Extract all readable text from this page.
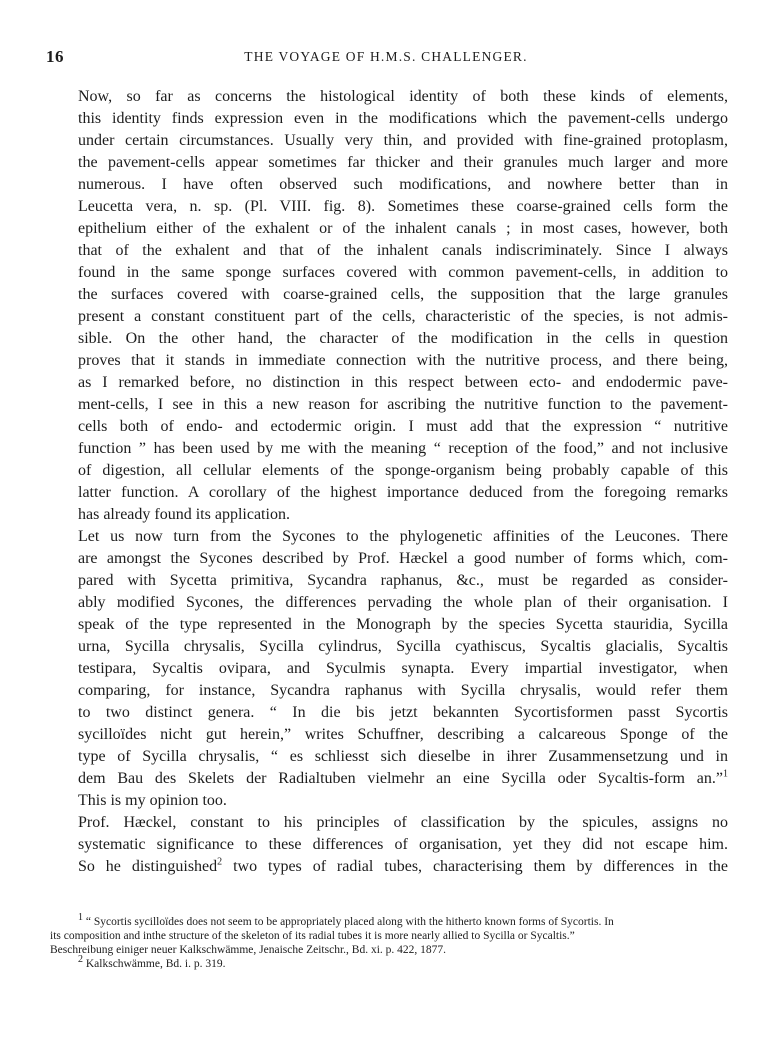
16	THE VOYAGE OF H.M.S. CHALLENGER.

Now, so far as concerns the histological identity of both these kinds of elements,
this identity finds expression even in the modifications which the pavement-cells undergo
under certain circumstances. Usually very thin, and provided with fine-grained protoplasm,
the pavement-cells appear sometimes far thicker and their granules much larger and more
numerous. I have often observed such modifications, and nowhere better than in
Leucetta vera, n. sp. (Pl. VIII. fig. 8). Sometimes these coarse-grained cells form the
epithelium either of the exhalent or of the inhalent canals ; in most cases, however, both
that of the exhalent and that of the inhalent canals indiscriminately. Since I always
found in the same sponge surfaces covered with common pavement-cells, in addition to
the surfaces covered with coarse-grained cells, the supposition that the large granules
present a constant constituent part of the cells, characteristic of the species, is not admis-
sible. On the other hand, the character of the modification in the cells in question
proves that it stands in immediate connection with the nutritive process, and there being,
as I remarked before, no distinction in this respect between ecto- and endodermic pave-
ment-cells, I see in this a new reason for ascribing the nutritive function to the pavement-
cells both of endo- and ectodermic origin. I must add that the expression “ nutritive
function ” has been used by me with the meaning “ reception of the food,” and not inclusive
of digestion, all cellular elements of the sponge-organism being probably capable of this
latter function. A corollary of the highest importance deduced from the foregoing remarks
has already found its application.

Let us now turn from the Sycones to the phylogenetic affinities of the Leucones. There
are amongst the Sycones described by Prof. Hæckel a good number of forms which, com-
pared with Sycetta primitiva, Sycandra raphanus, &c., must be regarded as consider-
ably modified Sycones, the differences pervading the whole plan of their organisation. I
speak of the type represented in the Monograph by the species Sycetta stauridia, Sycilla
urna, Sycilla chrysalis, Sycilla cylindrus, Sycilla cyathiscus, Sycaltis glacialis, Sycaltis
testipara, Sycaltis ovipara, and Syculmis synapta. Every impartial investigator, when
comparing, for instance, Sycandra raphanus with Sycilla chrysalis, would refer them
to two distinct genera. “ In die bis jetzt bekannten Sycortisformen passt Sycortis
sycilloïdes nicht gut herein,” writes Schuffner, describing a calcareous Sponge of the
type of Sycilla chrysalis, “ es schliesst sich dieselbe in ihrer Zusammensetzung und in
dem Bau des Skelets der Radialtuben vielmehr an eine Sycilla oder Sycaltis-form an.”$^1$
This is my opinion too.

Prof. Hæckel, constant to his principles of classification by the spicules, assigns no
systematic significance to these differences of organisation, yet they did not escape him.
So he distinguished$^2$ two types of radial tubes, characterising them by differences in the

1 “ Sycortis sycilloïdes does not seem to be appropriately placed along with the hitherto known forms of Sycortis. In

its composition and inthe structure of the skeleton of its radial tubes it is more nearly allied to Sycilla or Sycaltis.”

Beschreibung einiger neuer Kalkschwämme, Jenaische Zeitschr., Bd. xi. p. 422, 1877.

2 Kalkschwämme, Bd. i. p. 319.
